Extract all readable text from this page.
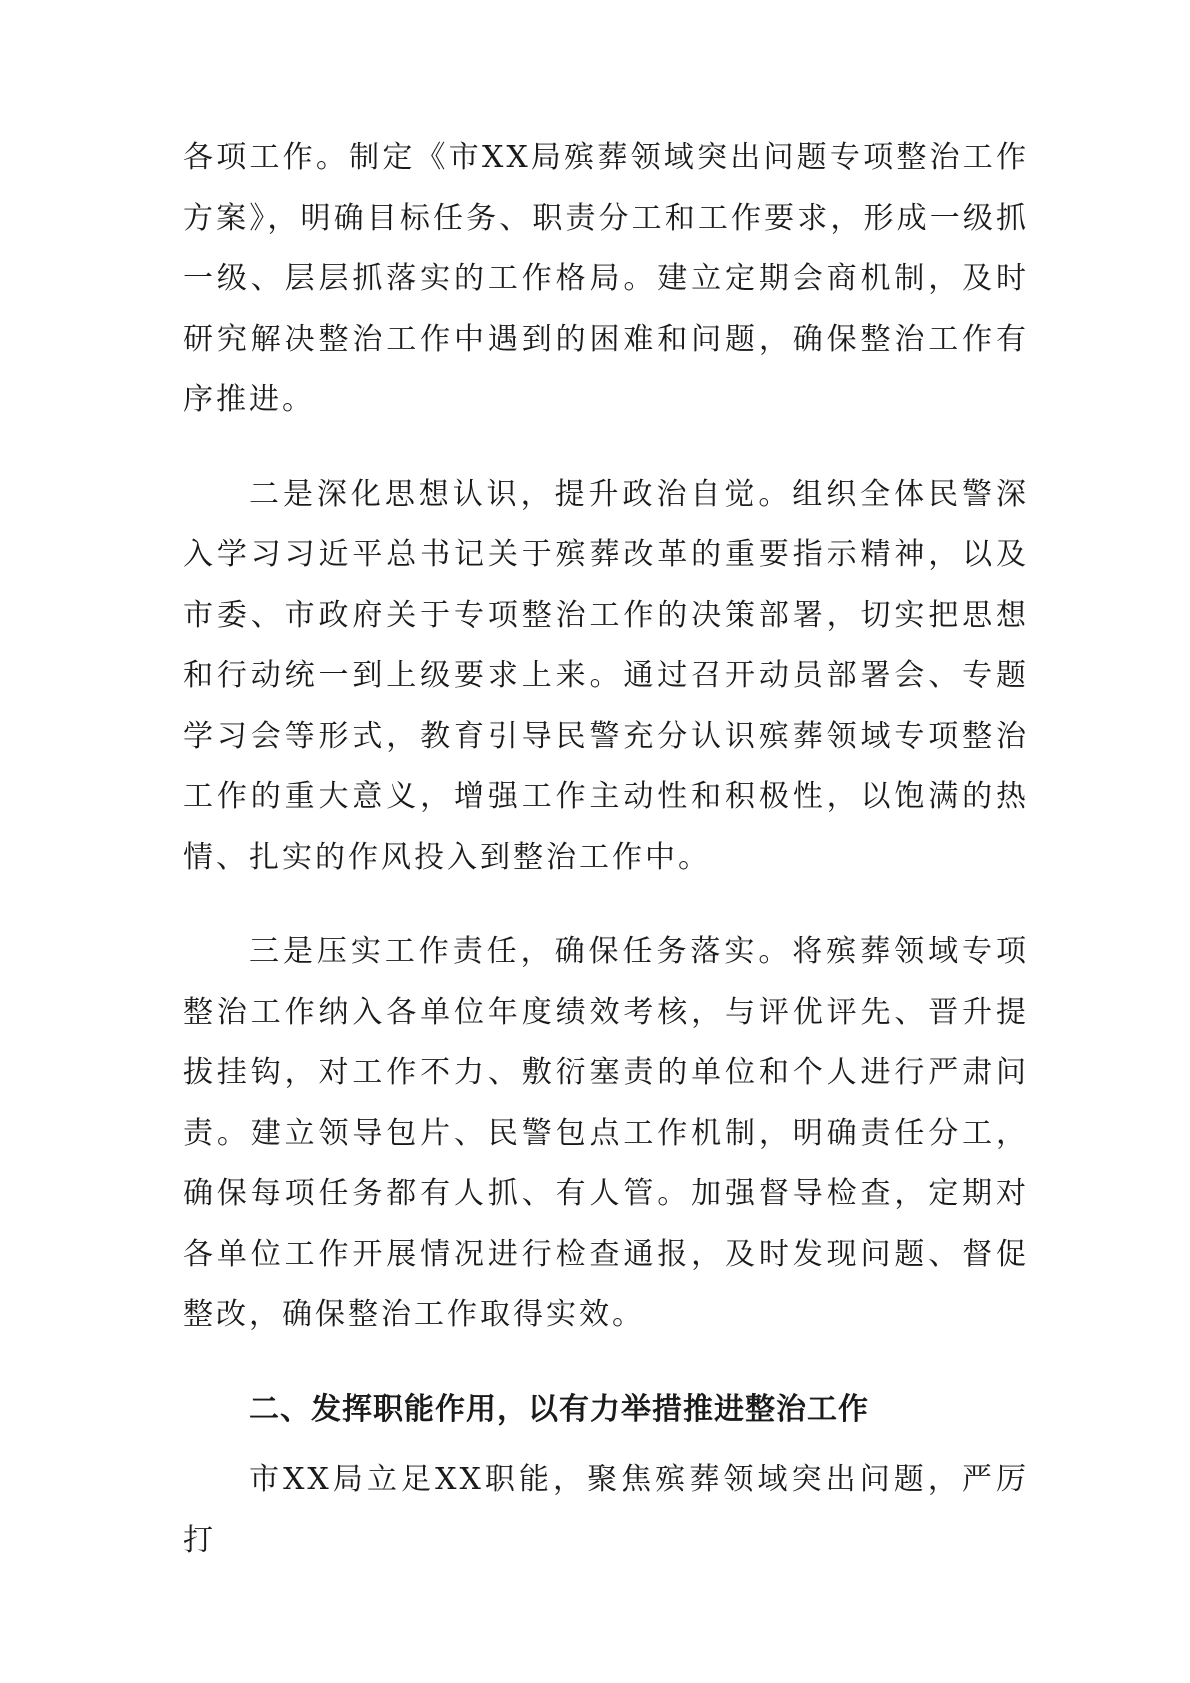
各项工作。制定《市XX局殡葬领域突出问题专项整治工作方案》，明确目标任务、职责分工和工作要求，形成一级抓一级、层层抓落实的工作格局。建立定期会商机制，及时研究解决整治工作中遇到的困难和问题，确保整治工作有序推进。

二是深化思想认识，提升政治自觉。组织全体民警深入学习习近平总书记关于殡葬改革的重要指示精神，以及市委、市政府关于专项整治工作的决策部署，切实把思想和行动统一到上级要求上来。通过召开动员部署会、专题学习会等形式，教育引导民警充分认识殡葬领域专项整治工作的重大意义，增强工作主动性和积极性，以饱满的热情、扎实的作风投入到整治工作中。

三是压实工作责任，确保任务落实。将殡葬领域专项整治工作纳入各单位年度绩效考核，与评优评先、晋升提拔挂钩，对工作不力、敷衍塞责的单位和个人进行严肃问责。建立领导包片、民警包点工作机制，明确责任分工，确保每项任务都有人抓、有人管。加强督导检查，定期对各单位工作开展情况进行检查通报，及时发现问题、督促整改，确保整治工作取得实效。

二、发挥职能作用，以有力举措推进整治工作

市XX局立足XX职能，聚焦殡葬领域突出问题，严厉打
